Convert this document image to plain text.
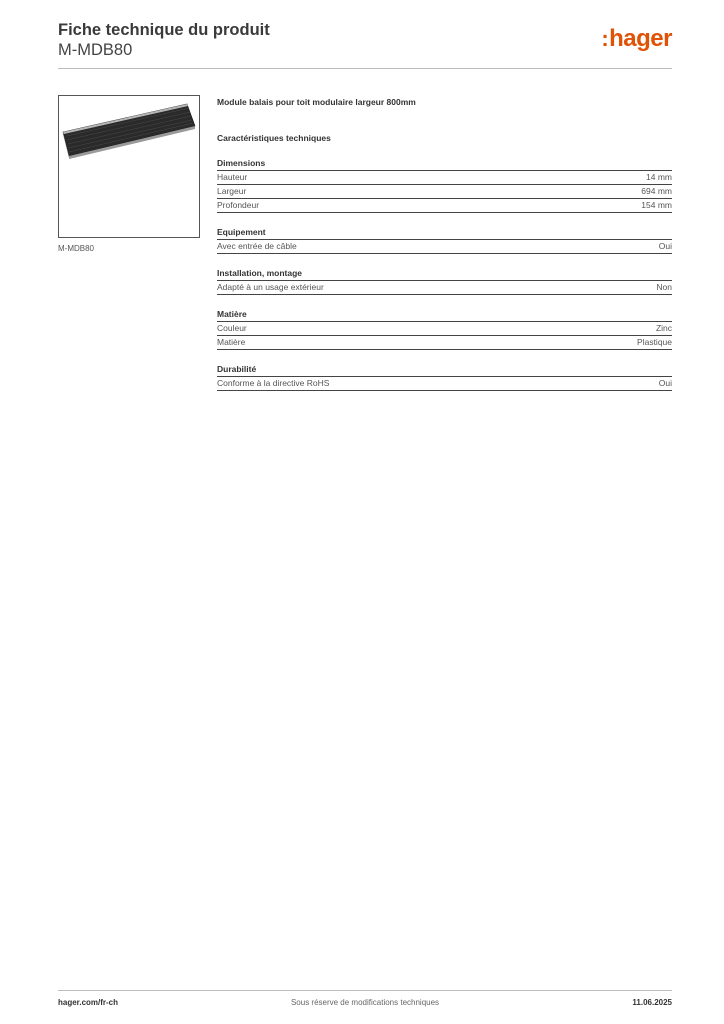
Fiche technique du produit
M-MDB80	:hager
M-MDB80
Module balais pour toit modulaire largeur 800mm
Caractéristiques techniques
Dimensions
Hauteur	14 mm
Largeur	694 mm
Profondeur	154 mm
Equipement
Avec entrée de câble	Oui
Installation, montage
Adapté à un usage extérieur	Non
Matière
Couleur	Zinc
Matière	Plastique
Durabilité
Conforme à la directive RoHS	Oui
hager.com/fr-ch	Sous réserve de modifications techniques	11.06.2025
